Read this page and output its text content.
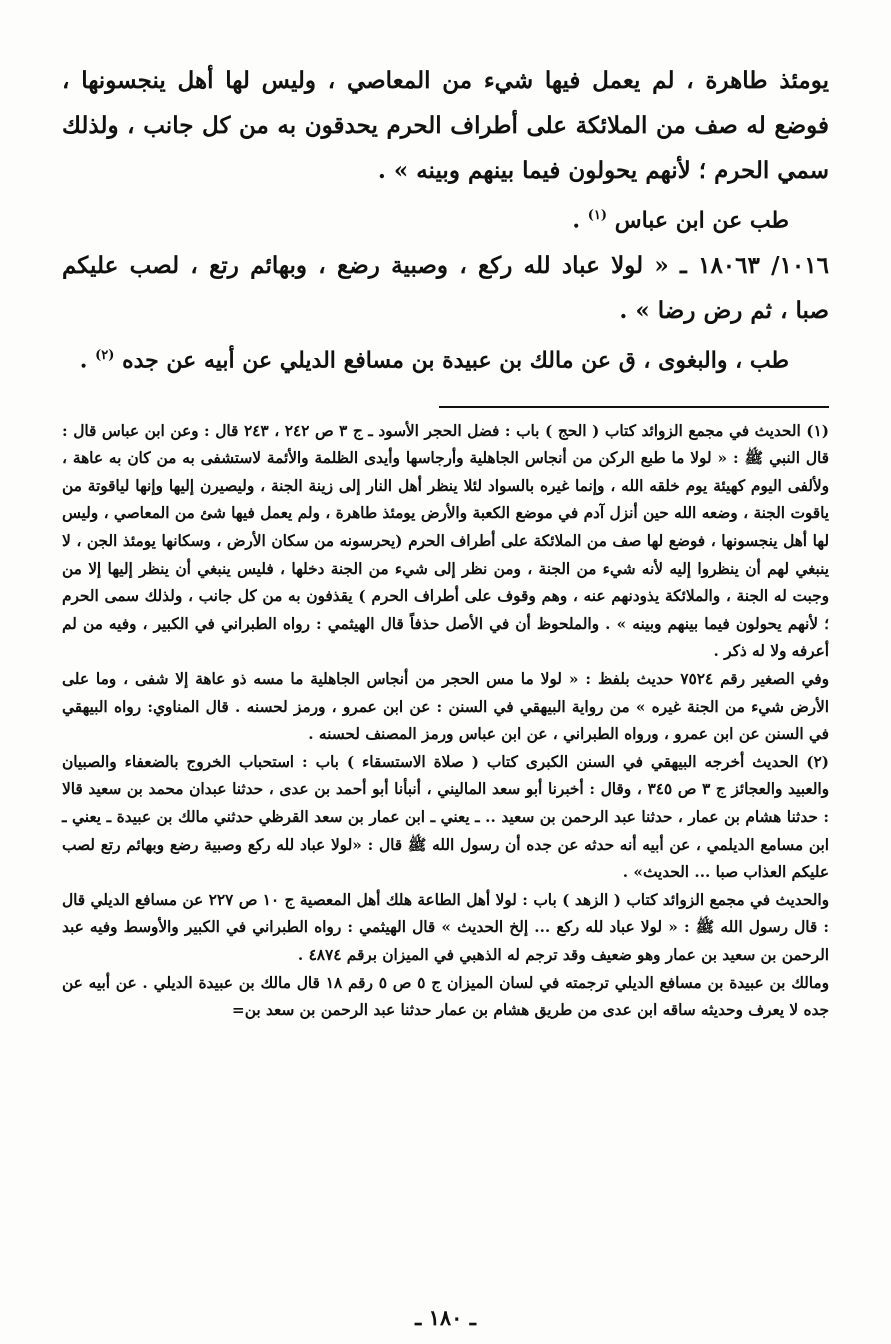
يومئذ طاهرة ، لم يعمل فيها شيء من المعاصي ، وليس لها أهل ينجسونها ، فوضع له صف من الملائكة على أطراف الحرم يحدقون به من كل جانب ، ولذلك سمي الحرم ؛ لأنهم يحولون فيما بينهم وبينه » .

طب عن ابن عباس $^{(١)}$ .

١٠١٦/ ١٨٠٦٣ ـ « لولا عباد لله ركع ، وصبية رضع ، وبهائم رتع ، لصب عليكم

صبا ، ثم رض رضا » .

طب ، والبغوى ، ق عن مالك بن عبيدة بن مسافع الديلي عن أبيه عن جده $^{(٢)}$ .

(١) الحديث في مجمع الزوائد كتاب ( الحج ) باب : فضل الحجر الأسود ـ ج ٣ ص ٢٤٢ ، ٢٤٣ قال : وعن ابن عباس قال : قال النبي ﷺ : « لولا ما طبع الركن من أنجاس الجاهلية وأرجاسها وأيدى الظلمة والأئمة لاستشفى به من كان به عاهة ، ولألفى اليوم كهيئة يوم خلقه الله ، وإنما غيره بالسواد لئلا ينظر أهل النار إلى زينة الجنة ، وليصيرن إليها وإنها لياقوتة من ياقوت الجنة ، وضعه الله حين أنزل آدم في موضع الكعبة والأرض يومئذ طاهرة ، ولم يعمل فيها شئ من المعاصي ، وليس لها أهل ينجسونها ، فوضع لها صف من الملائكة على أطراف الحرم (يحرسونه من سكان الأرض ، وسكانها يومئذ الجن ، لا ينبغي لهم أن ينظروا إليه لأنه شيء من الجنة ، ومن نظر إلى شيء من الجنة دخلها ، فليس ينبغي أن ينظر إليها إلا من وجبت له الجنة ، والملائكة يذودنهم عنه ، وهم وقوف على أطراف الحرم ) يقذفون به من كل جانب ، ولذلك سمى الحرم ؛ لأنهم يحولون فيما بينهم وبينه » . والملحوظ أن في الأصل حذفاً قال الهيثمي : رواه الطبراني في الكبير ، وفيه من لم أعرفه ولا له ذكر .

وفي الصغير رقم ٧٥٢٤ حديث بلفظ : « لولا ما مس الحجر من أنجاس الجاهلية ما مسه ذو عاهة إلا شفى ، وما على الأرض شيء من الجنة غيره » من رواية البيهقي في السنن : عن ابن عمرو ، ورمز لحسنه . قال المناوي: رواه البيهقي في السنن عن ابن عمرو ، ورواه الطبراني ، عن ابن عباس ورمز المصنف لحسنه .

(٢) الحديث أخرجه البيهقي في السنن الكبرى كتاب ( صلاة الاستسقاء ) باب : استحباب الخروج بالضعفاء والصبيان والعبيد والعجائز ج ٣ ص ٣٤٥ ، وقال : أخبرنا أبو سعد الماليني ، أنبأنا أبو أحمد بن عدى ، حدثنا عبدان محمد بن سعيد قالا : حدثنا هشام بن عمار ، حدثنا عبد الرحمن بن سعيد .. ـ يعني ـ ابن عمار بن سعد القرظي حدثني مالك بن عبيدة ـ يعني ـ ابن مسامع الديلمي ، عن أبيه أنه حدثه عن جده أن رسول الله ﷺ قال : «لولا عباد لله ركع وصبية رضع وبهائم رتع لصب عليكم العذاب صبا ... الحديث» .

والحديث في مجمع الزوائد كتاب ( الزهد ) باب : لولا أهل الطاعة هلك أهل المعصية ج ١٠ ص ٢٢٧ عن مسافع الديلي قال : قال رسول الله ﷺ : « لولا عباد لله ركع ... إلخ الحديث » قال الهيثمي : رواه الطبراني في الكبير والأوسط وفيه عبد الرحمن بن سعيد بن عمار وهو ضعيف وقد ترجم له الذهبي في الميزان برقم ٤٨٧٤ .

ومالك بن عبيدة بن مسافع الديلي ترجمته في لسان الميزان ج ٥ ص ٥ رقم ١٨ قال مالك بن عبيدة الديلي . عن أبيه عن جده لا يعرف وحديثه ساقه ابن عدى من طريق هشام بن عمار حدثنا عبد الرحمن بن سعد بن=

ـ ١٨٠ ـ
